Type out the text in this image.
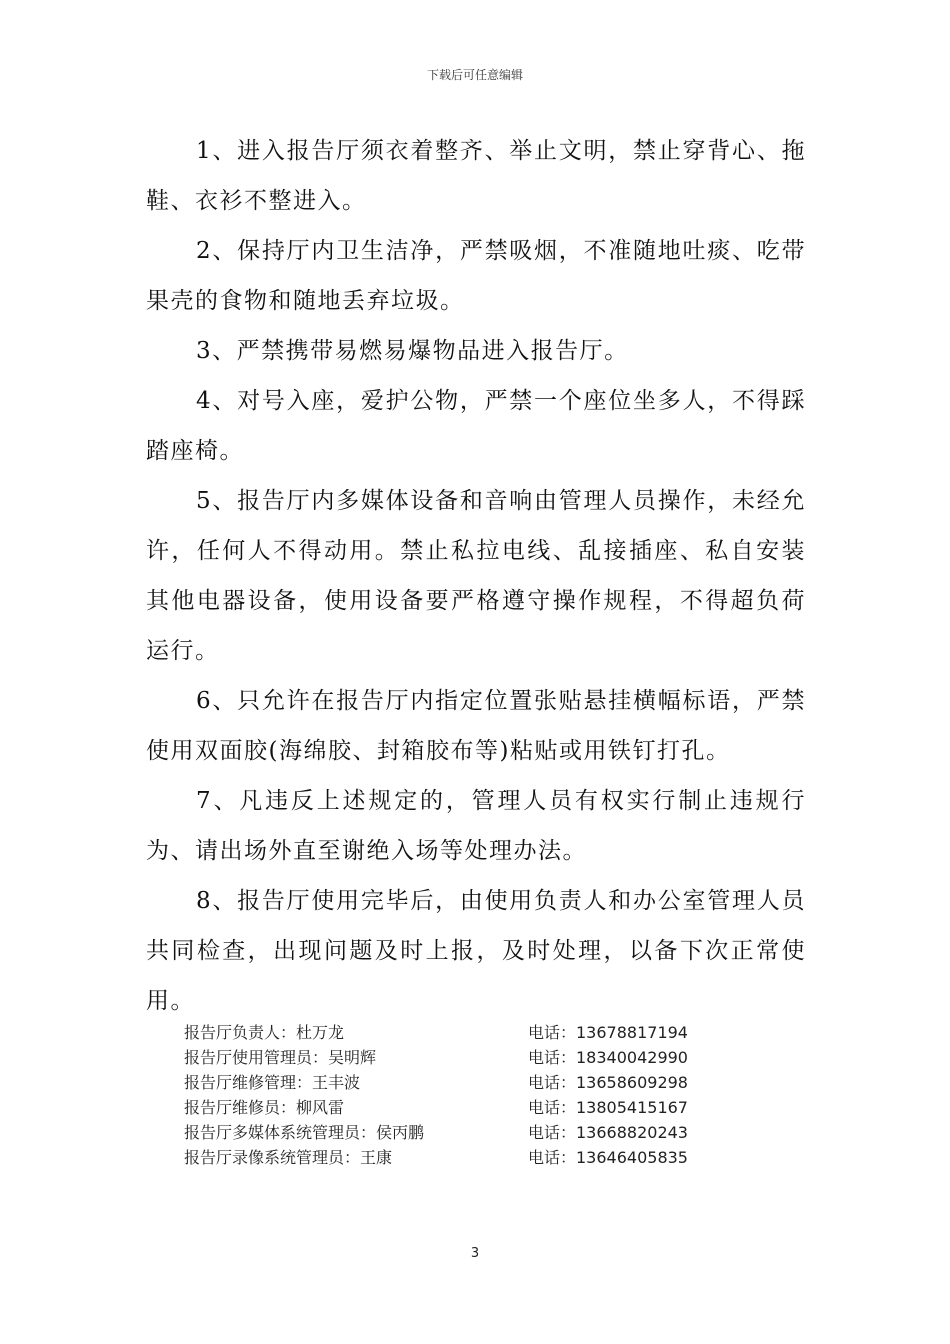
下载后可任意编辑

1、进入报告厅须衣着整齐、举止文明，禁止穿背心、拖鞋、衣衫不整进入。

2、保持厅内卫生洁净，严禁吸烟，不准随地吐痰、吃带果壳的食物和随地丢弃垃圾。

3、严禁携带易燃易爆物品进入报告厅。

4、对号入座，爱护公物，严禁一个座位坐多人，不得踩踏座椅。

5、报告厅内多媒体设备和音响由管理人员操作，未经允许，任何人不得动用。禁止私拉电线、乱接插座、私自安装其他电器设备，使用设备要严格遵守操作规程，不得超负荷运行。

6、只允许在报告厅内指定位置张贴悬挂横幅标语，严禁使用双面胶(海绵胶、封箱胶布等)粘贴或用铁钉打孔。

7、凡违反上述规定的，管理人员有权实行制止违规行为、请出场外直至谢绝入场等处理办法。

8、报告厅使用完毕后，由使用负责人和办公室管理人员共同检查，出现问题及时上报，及时处理，以备下次正常使用。

报告厅负责人：杜万龙	电话：13678817194
报告厅使用管理员：吴明辉	电话：18340042990
报告厅维修管理：王丰波	电话：13658609298
报告厅维修员：柳风雷	电话：13805415167
报告厅多媒体系统管理员：侯丙鹏	电话：13668820243
报告厅录像系统管理员：王康	电话：13646405835
3
